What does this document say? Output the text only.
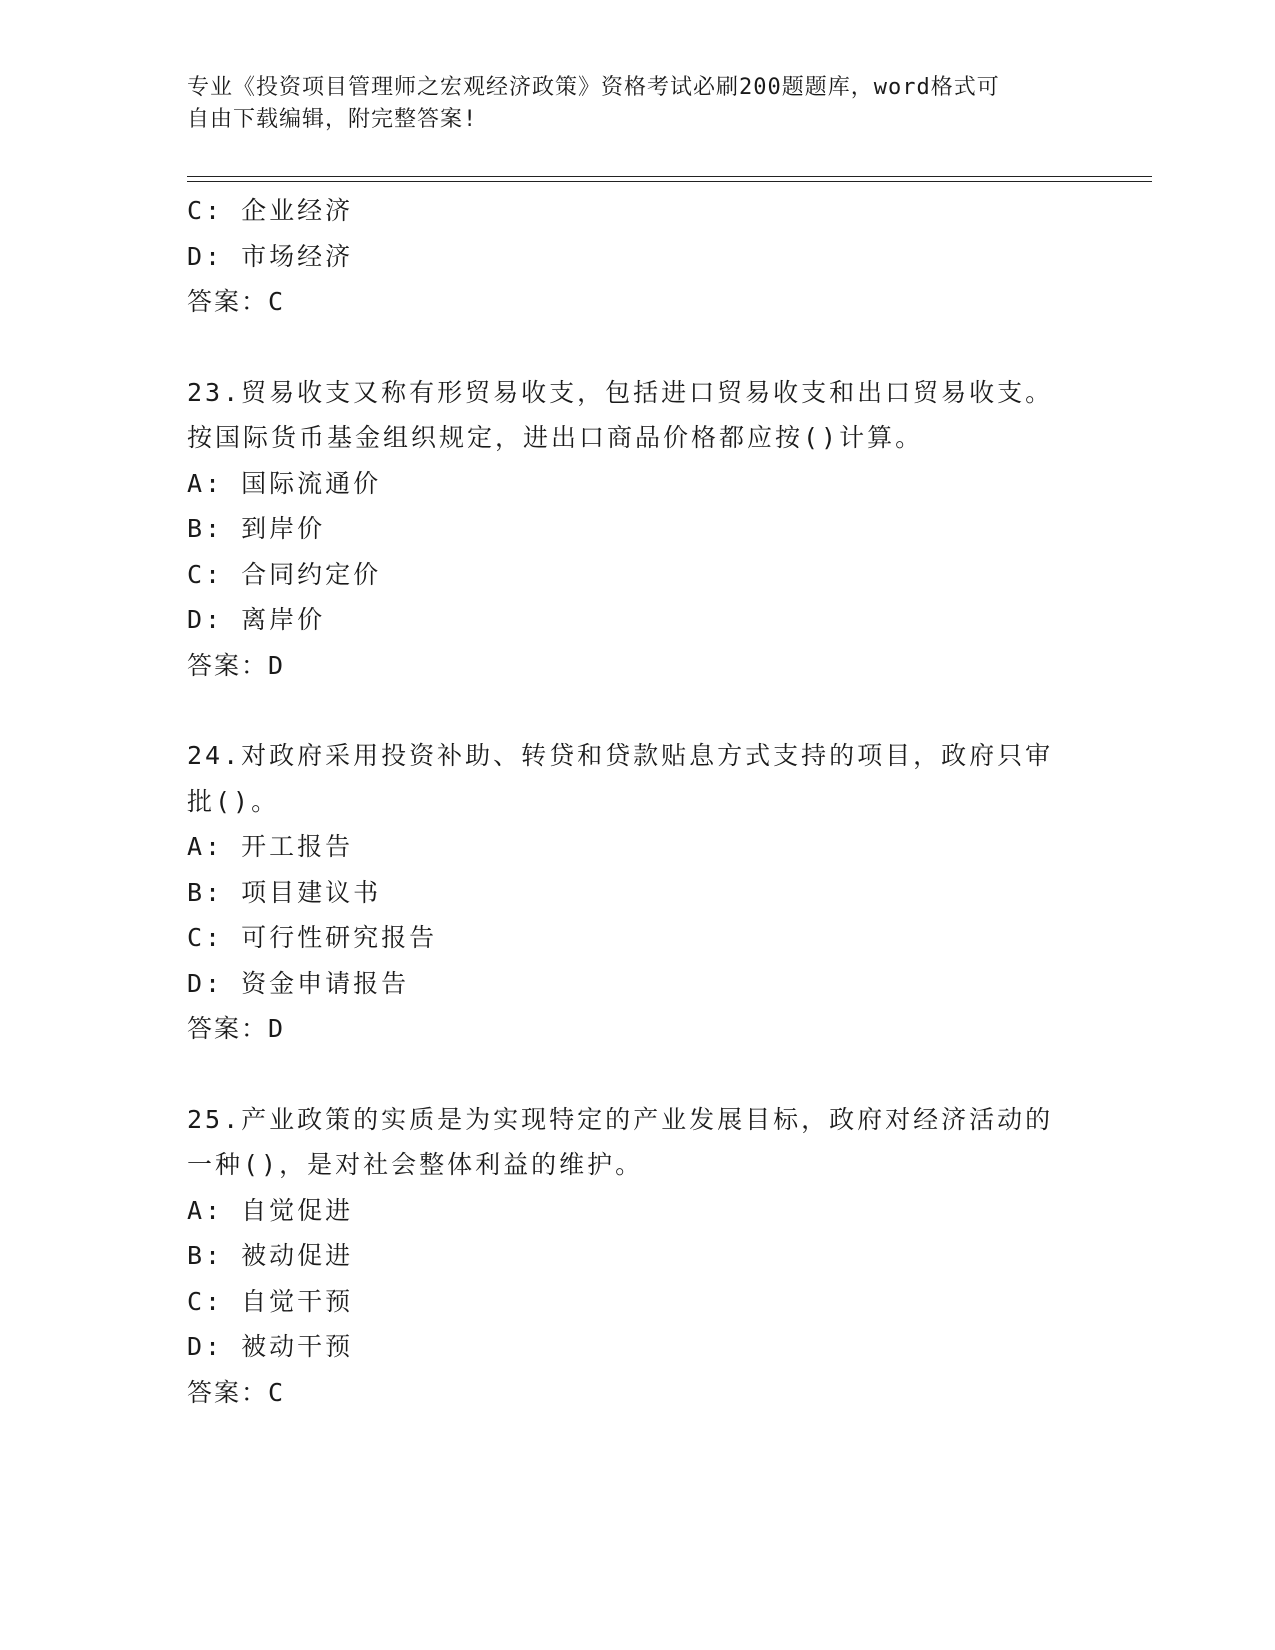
专业《投资项目管理师之宏观经济政策》资格考试必刷200题题库，word格式可
自由下载编辑，附完整答案!
C: 企业经济
D: 市场经济
答案：C
23.贸易收支又称有形贸易收支，包括进口贸易收支和出口贸易收支。
按国际货币基金组织规定，进出口商品价格都应按()计算。
A: 国际流通价
B: 到岸价
C: 合同约定价
D: 离岸价
答案：D
24.对政府采用投资补助、转贷和贷款贴息方式支持的项目，政府只审
批()。
A: 开工报告
B: 项目建议书
C: 可行性研究报告
D: 资金申请报告
答案：D
25.产业政策的实质是为实现特定的产业发展目标，政府对经济活动的
一种()，是对社会整体利益的维护。
A: 自觉促进
B: 被动促进
C: 自觉干预
D: 被动干预
答案：C
